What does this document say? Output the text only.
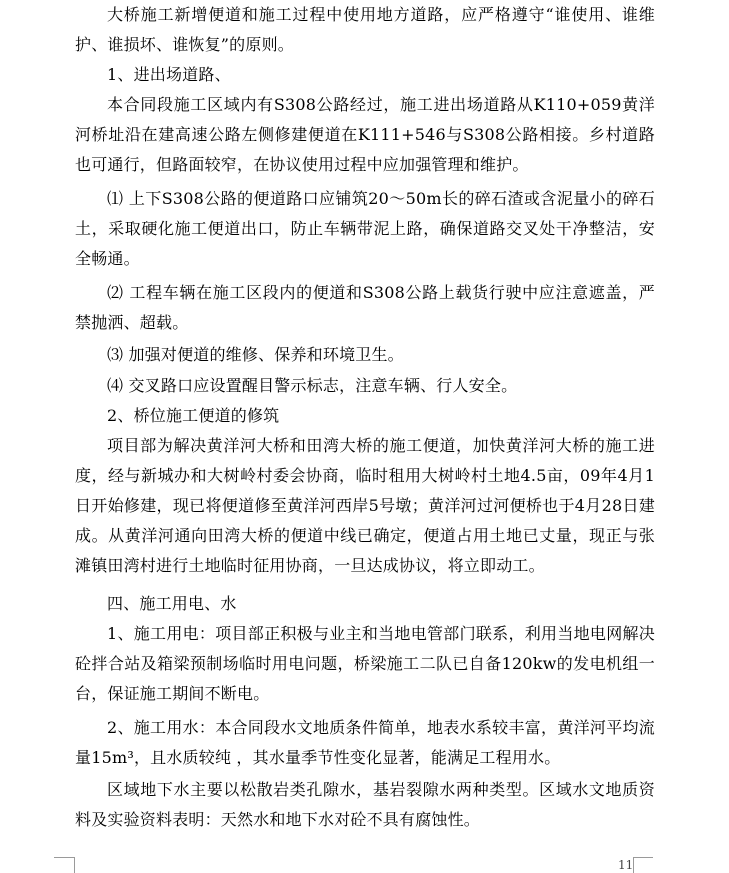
大桥施工新增便道和施工过程中使用地方道路，应严格遵守“谁使用、谁维护、谁损坏、谁恢复”的原则。

1、进出场道路、

本合同段施工区域内有S308公路经过，施工进出场道路从K110+059黄洋河桥址沿在建高速公路左侧修建便道在K111+546与S308公路相接。乡村道路也可通行，但路面较窄，在协议使用过程中应加强管理和维护。

⑴ 上下S308公路的便道路口应铺筑20～50m长的碎石渣或含泥量小的碎石土，采取硬化施工便道出口，防止车辆带泥上路，确保道路交叉处干净整洁，安全畅通。

⑵ 工程车辆在施工区段内的便道和S308公路上载货行驶中应注意遮盖，严禁抛洒、超载。

⑶ 加强对便道的维修、保养和环境卫生。

⑷ 交叉路口应设置醒目警示标志，注意车辆、行人安全。

2、桥位施工便道的修筑

项目部为解决黄洋河大桥和田湾大桥的施工便道，加快黄洋河大桥的施工进度，经与新城办和大树岭村委会协商，临时租用大树岭村土地4.5亩，09年4月1日开始修建，现已将便道修至黄洋河西岸5号墩；黄洋河过河便桥也于4月28日建成。从黄洋河通向田湾大桥的便道中线已确定，便道占用土地已丈量，现正与张滩镇田湾村进行土地临时征用协商，一旦达成协议，将立即动工。

四、施工用电、水

1、施工用电：项目部正积极与业主和当地电管部门联系，利用当地电网解决砼拌合站及箱梁预制场临时用电问题，桥梁施工二队已自备120kw的发电机组一台，保证施工期间不断电。

2、施工用水：本合同段水文地质条件简单，地表水系较丰富，黄洋河平均流量15m³，且水质较纯 ，其水量季节性变化显著，能满足工程用水。

区域地下水主要以松散岩类孔隙水，基岩裂隙水两种类型。区域水文地质资料及实验资料表明：天然水和地下水对砼不具有腐蚀性。

11
